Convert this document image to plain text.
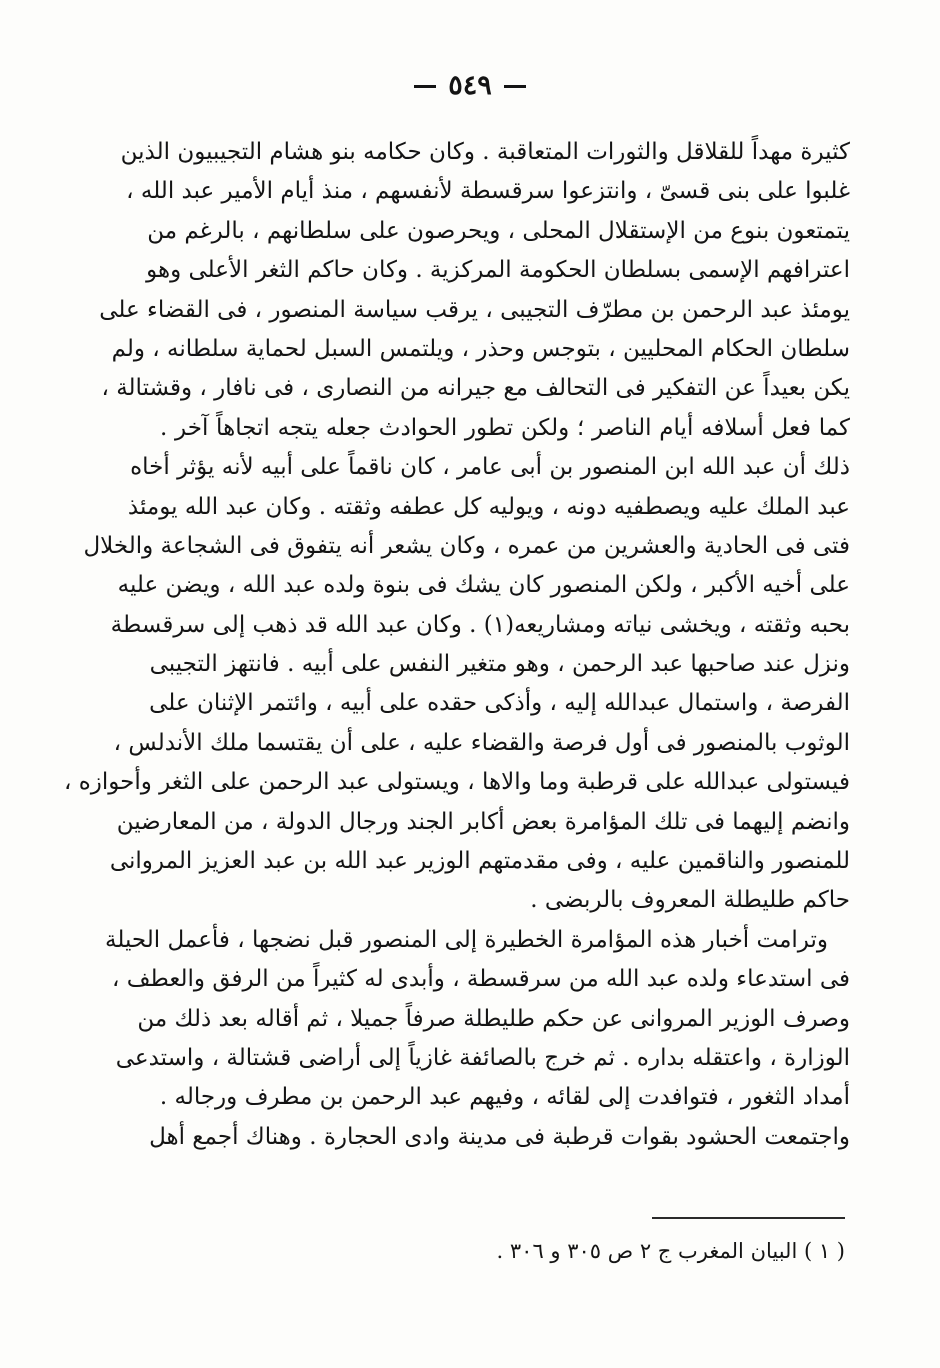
٥٤٩
كثيرة مهداً للقلاقل والثورات المتعاقبة . وكان حكامه بنو هشام التجيبيون الذين
غلبوا على بنى قسىّ ، وانتزعوا سرقسطة لأنفسهم ، منذ أيام الأمير عبد الله ،
يتمتعون بنوع من الإستقلال المحلى ، ويحرصون على سلطانهم ، بالرغم من
اعترافهم الإسمى بسلطان الحكومة المركزية . وكان حاكم الثغر الأعلى وهو
يومئذ عبد الرحمن بن مطرّف التجيبى ، يرقب سياسة المنصور ، فى القضاء على
سلطان الحكام المحليين ، بتوجس وحذر ، ويلتمس السبل لحماية سلطانه ، ولم
يكن بعيداً عن التفكير فى التحالف مع جيرانه من النصارى ، فى نافار ، وقشتالة ،
كما فعل أسلافه أيام الناصر ؛ ولكن تطور الحوادث جعله يتجه اتجاهاً آخر .
ذلك أن عبد الله ابن المنصور بن أبى عامر ، كان ناقماً على أبيه لأنه يؤثر أخاه
عبد الملك عليه ويصطفيه دونه ، ويوليه كل عطفه وثقته . وكان عبد الله يومئذ
فتى فى الحادية والعشرين من عمره ، وكان يشعر أنه يتفوق فى الشجاعة والخلال
على أخيه الأكبر ، ولكن المنصور كان يشك فى بنوة ولده عبد الله ، ويضن عليه
بحبه وثقته ، ويخشى نياته ومشاريعه(١) . وكان عبد الله قد ذهب إلى سرقسطة
ونزل عند صاحبها عبد الرحمن ، وهو متغير النفس على أبيه . فانتهز التجيبى
الفرصة ، واستمال عبدالله إليه ، وأذكى حقده على أبيه ، وائتمر الإثنان على
الوثوب بالمنصور فى أول فرصة والقضاء عليه ، على أن يقتسما ملك الأندلس ،
فيستولى عبدالله على قرطبة وما والاها ، ويستولى عبد الرحمن على الثغر وأحوازه ،
وانضم إليهما فى تلك المؤامرة بعض أكابر الجند ورجال الدولة ، من المعارضين
للمنصور والناقمين عليه ، وفى مقدمتهم الوزير عبد الله بن عبد العزيز المروانى
حاكم طليطلة المعروف بالربضى .
وترامت أخبار هذه المؤامرة الخطيرة إلى المنصور قبل نضجها ، فأعمل الحيلة
فى استدعاء ولده عبد الله من سرقسطة ، وأبدى له كثيراً من الرفق والعطف ،
وصرف الوزير المروانى عن حكم طليطلة صرفاً جميلا ، ثم أقاله بعد ذلك من
الوزارة ، واعتقله بداره . ثم خرج بالصائفة غازياً إلى أراضى قشتالة ، واستدعى
أمداد الثغور ، فتوافدت إلى لقائه ، وفيهم عبد الرحمن بن مطرف ورجاله .
واجتمعت الحشود بقوات قرطبة فى مدينة وادى الحجارة . وهناك أجمع أهل
( ١ ) البيان المغرب ج ٢ ص ٣٠٥ و ٣٠٦ .
